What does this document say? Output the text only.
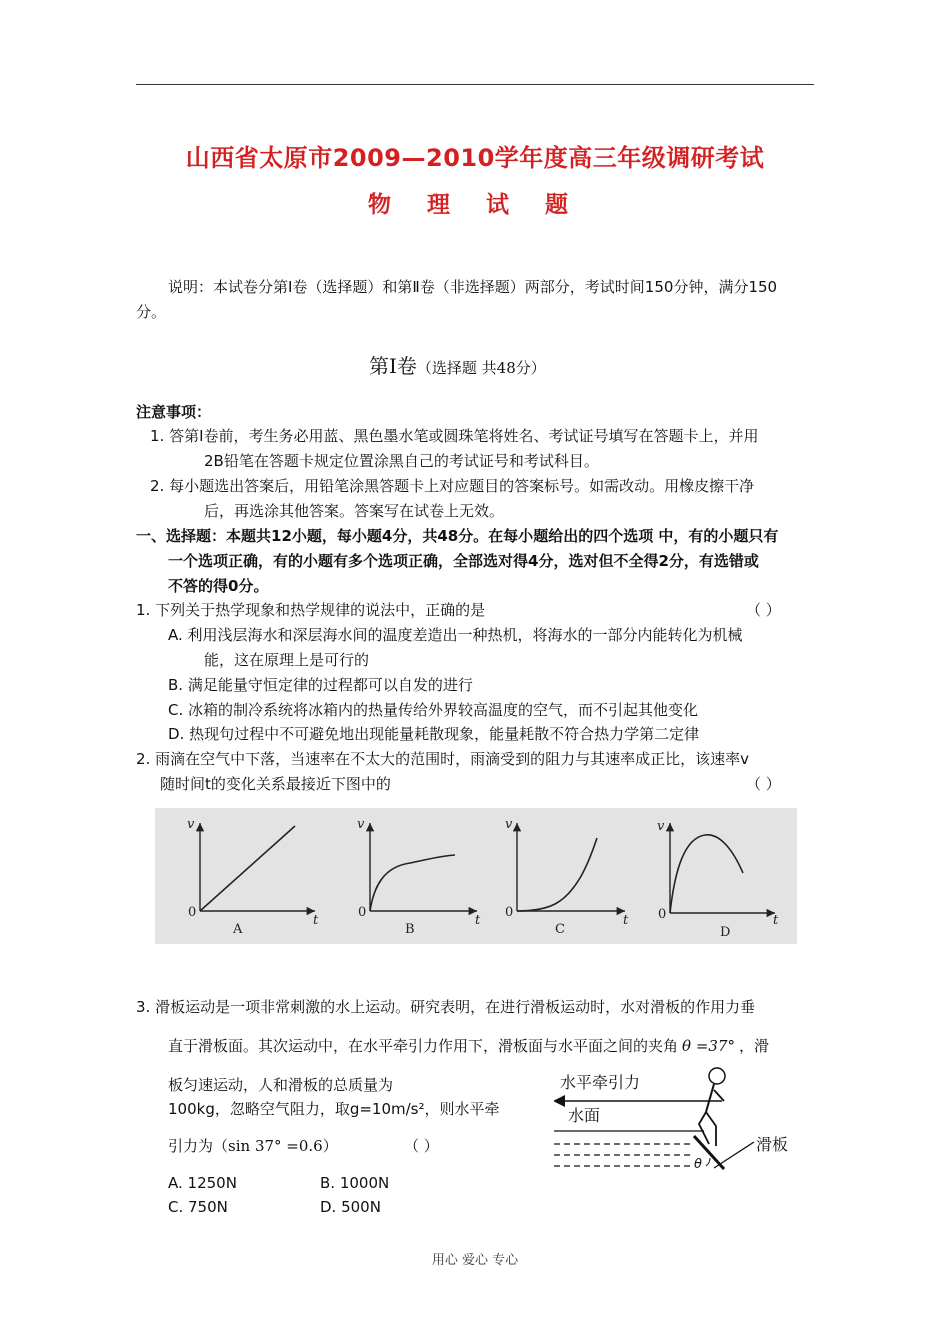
山西省太原市2009—2010学年度高三年级调研考试
物 理 试 题
说明：本试卷分第Ⅰ卷（选择题）和第Ⅱ卷（非选择题）两部分，考试时间150分钟，满分150
分。
第Ⅰ卷（选择题 共48分）
注意事项：
1. 答第Ⅰ卷前，考生务必用蓝、黑色墨水笔或圆珠笔将姓名、考试证号填写在答题卡上，并用
2B铅笔在答题卡规定位置涂黑自己的考试证号和考试科目。
2. 每小题选出答案后，用铅笔涂黑答题卡上对应题目的答案标号。如需改动。用橡皮擦干净
后，再选涂其他答案。答案写在试卷上无效。
一、选择题：本题共12小题，每小题4分，共48分。在每小题给出的四个选项 中，有的小题只有
一个选项正确，有的小题有多个选项正确，全部选对得4分，选对但不全得2分，有选错或
不答的得0分。
1. 下列关于热学现象和热学规律的说法中，正确的是	（ ）
A. 利用浅层海水和深层海水间的温度差造出一种热机，将海水的一部分内能转化为机械
能，这在原理上是可行的
B. 满足能量守恒定律的过程都可以自发的进行
C. 冰箱的制冷系统将冰箱内的热量传给外界较高温度的空气，而不引起其他变化
D. 热现句过程中不可避免地出现能量耗散现象，能量耗散不符合热力学第二定律
2. 雨滴在空气中下落，当速率在不太大的范围时，雨滴受到的阻力与其速率成正比，该速率v
随时间t的变化关系最接近下图中的	（ ）
v
t
0
A
v
t
0
B
v
t
0
C
v
t
0
D
3. 滑板运动是一项非常刺激的水上运动。研究表明，在进行滑板运动时，水对滑板的作用力垂
直于滑板面。其次运动中，在水平牵引力作用下，滑板面与水平面之间的夹角 θ =37° ，滑
板匀速运动，人和滑板的总质量为
100kg，忽略空气阻力，取g=10m/s²，则水平牵
引力为（sin 37° =0.6）	（ ）
水平牵引力
水面
滑板
θ
A. 1250N	B. 1000N
C. 750N	D. 500N
用心 爱心 专心
